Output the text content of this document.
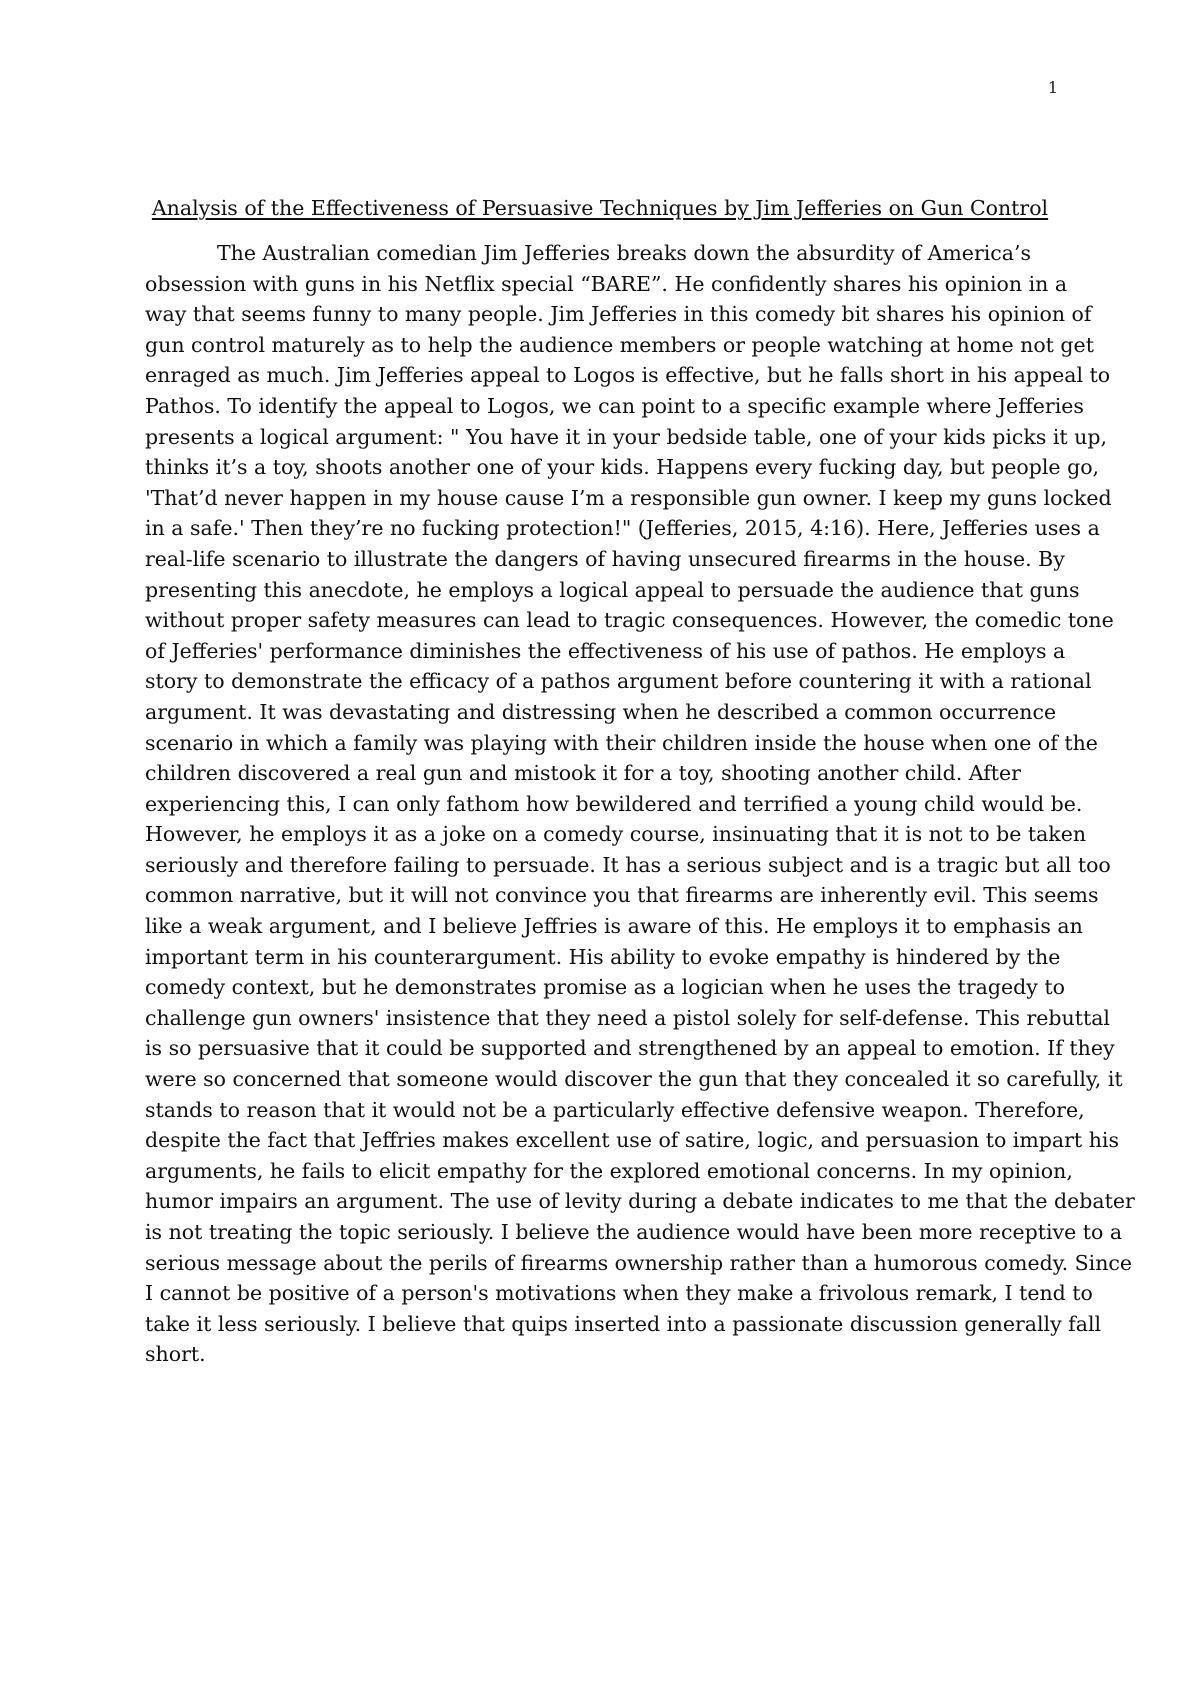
1
Analysis of the Effectiveness of Persuasive Techniques by Jim Jefferies on Gun Control

The Australian comedian Jim Jefferies breaks down the absurdity of America’s
obsession with guns in his Netflix special “BARE”. He confidently shares his opinion in a
way that seems funny to many people. Jim Jefferies in this comedy bit shares his opinion of
gun control maturely as to help the audience members or people watching at home not get
enraged as much. Jim Jefferies appeal to Logos is effective, but he falls short in his appeal to
Pathos. To identify the appeal to Logos, we can point to a specific example where Jefferies
presents a logical argument: " You have it in your bedside table, one of your kids picks it up,
thinks it’s a toy, shoots another one of your kids. Happens every fucking day, but people go,
'That’d never happen in my house cause I’m a responsible gun owner. I keep my guns locked
in a safe.' Then they’re no fucking protection!" (Jefferies, 2015, 4:16). Here, Jefferies uses a
real-life scenario to illustrate the dangers of having unsecured firearms in the house. By
presenting this anecdote, he employs a logical appeal to persuade the audience that guns
without proper safety measures can lead to tragic consequences. However, the comedic tone
of Jefferies' performance diminishes the effectiveness of his use of pathos. He employs a
story to demonstrate the efficacy of a pathos argument before countering it with a rational
argument. It was devastating and distressing when he described a common occurrence
scenario in which a family was playing with their children inside the house when one of the
children discovered a real gun and mistook it for a toy, shooting another child. After
experiencing this, I can only fathom how bewildered and terrified a young child would be.
However, he employs it as a joke on a comedy course, insinuating that it is not to be taken
seriously and therefore failing to persuade. It has a serious subject and is a tragic but all too
common narrative, but it will not convince you that firearms are inherently evil. This seems
like a weak argument, and I believe Jeffries is aware of this. He employs it to emphasis an
important term in his counterargument. His ability to evoke empathy is hindered by the
comedy context, but he demonstrates promise as a logician when he uses the tragedy to
challenge gun owners' insistence that they need a pistol solely for self-defense. This rebuttal
is so persuasive that it could be supported and strengthened by an appeal to emotion. If they
were so concerned that someone would discover the gun that they concealed it so carefully, it
stands to reason that it would not be a particularly effective defensive weapon. Therefore,
despite the fact that Jeffries makes excellent use of satire, logic, and persuasion to impart his
arguments, he fails to elicit empathy for the explored emotional concerns. In my opinion,
humor impairs an argument. The use of levity during a debate indicates to me that the debater
is not treating the topic seriously. I believe the audience would have been more receptive to a
serious message about the perils of firearms ownership rather than a humorous comedy. Since
I cannot be positive of a person's motivations when they make a frivolous remark, I tend to
take it less seriously. I believe that quips inserted into a passionate discussion generally fall
short.
